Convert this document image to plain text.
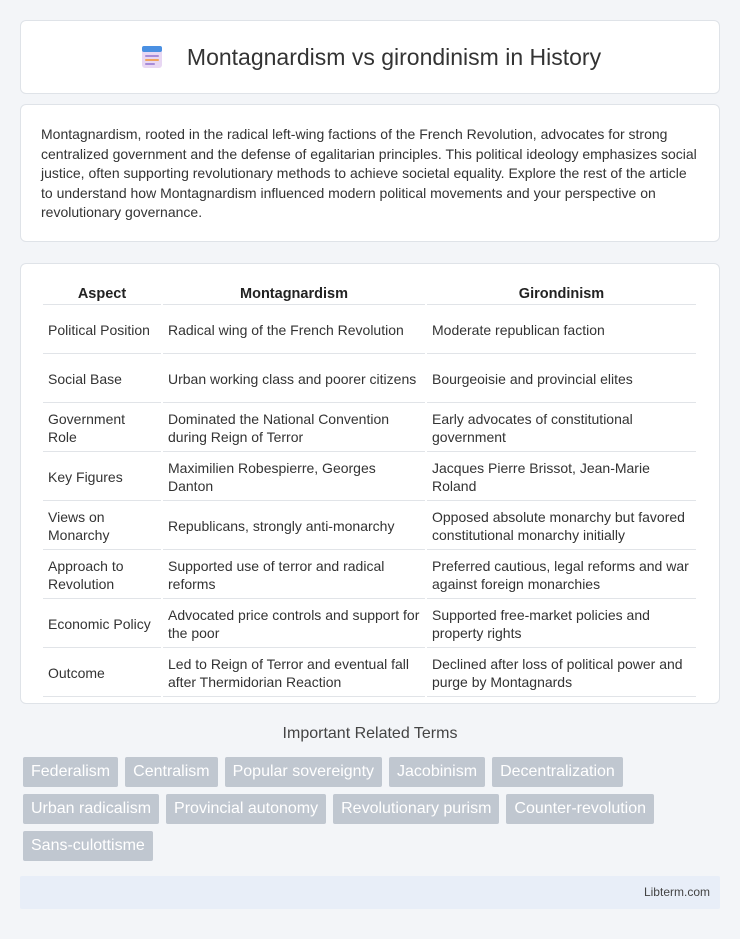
Montagnardism vs girondinism in History

Montagnardism, rooted in the radical left-wing factions of the French Revolution, advocates for strong centralized government and the defense of egalitarian principles. This political ideology emphasizes social justice, often supporting revolutionary methods to achieve societal equality. Explore the rest of the article to understand how Montagnardism influenced modern political movements and your perspective on revolutionary governance.

Aspect	Montagnardism	Girondinism
Political Position	Radical wing of the French Revolution	Moderate republican faction
Social Base	Urban working class and poorer citizens	Bourgeoisie and provincial elites
Government Role	Dominated the National Convention during Reign of Terror	Early advocates of constitutional government
Key Figures	Maximilien Robespierre, Georges Danton	Jacques Pierre Brissot, Jean-Marie Roland
Views on Monarchy	Republicans, strongly anti-monarchy	Opposed absolute monarchy but favored constitutional monarchy initially
Approach to Revolution	Supported use of terror and radical reforms	Preferred cautious, legal reforms and war against foreign monarchies
Economic Policy	Advocated price controls and support for the poor	Supported free-market policies and property rights
Outcome	Led to Reign of Terror and eventual fall after Thermidorian Reaction	Declined after loss of political power and purge by Montagnards
Important Related Terms
Federalism	Centralism	Popular sovereignty	Jacobinism	Decentralization
Urban radicalism	Provincial autonomy	Revolutionary purism	Counter-revolution
Sans-culottisme
Libterm.com
